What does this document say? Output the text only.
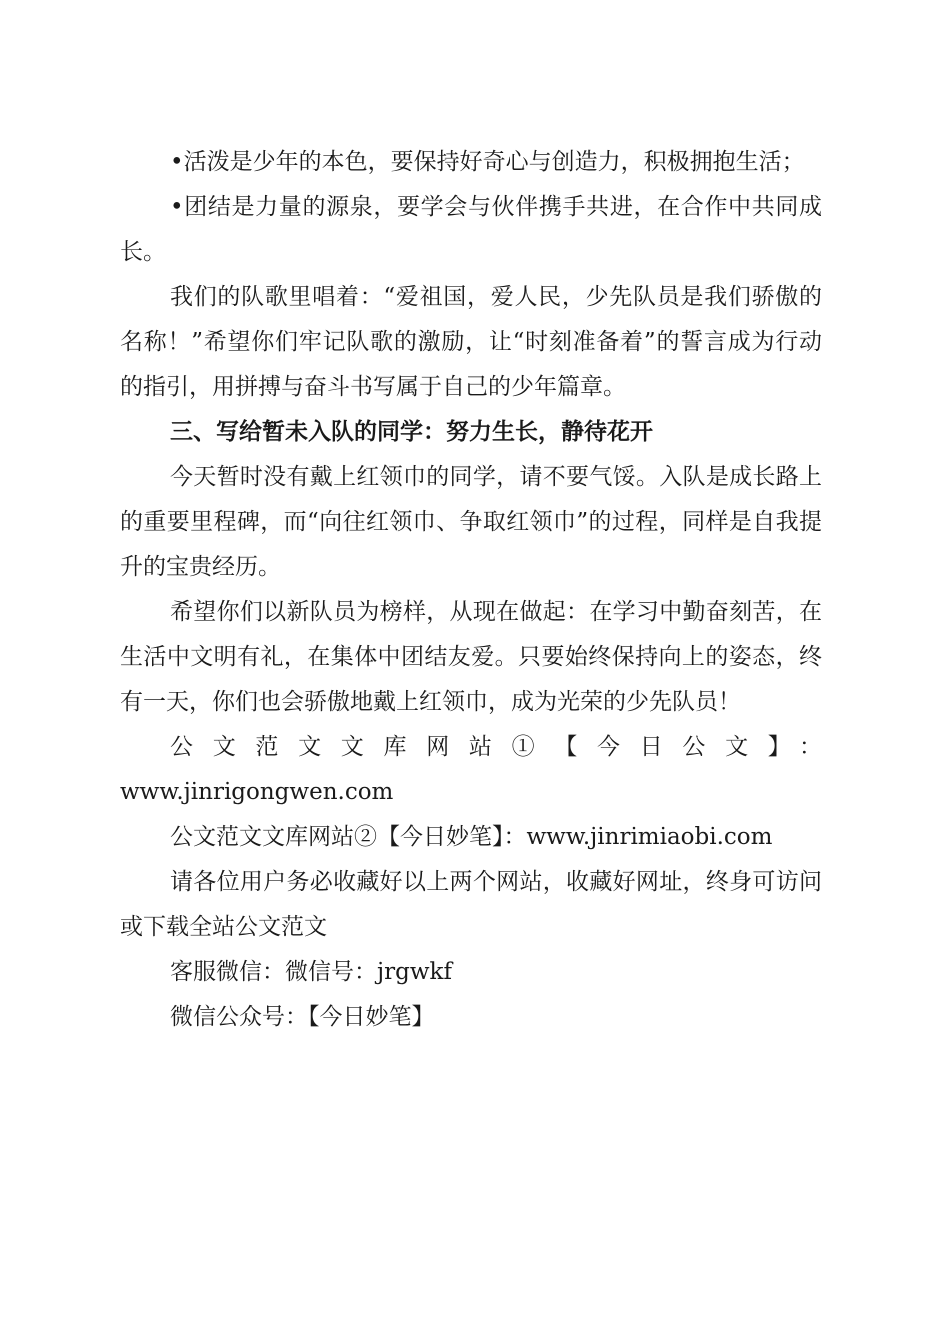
•活泼是少年的本色，要保持好奇心与创造力，积极拥抱生活；

•团结是力量的源泉，要学会与伙伴携手共进，在合作中共同成长。

我们的队歌里唱着：“爱祖国，爱人民，少先队员是我们骄傲的名称！”希望你们牢记队歌的激励，让“时刻准备着”的誓言成为行动的指引，用拼搏与奋斗书写属于自己的少年篇章。

三、写给暂未入队的同学：努力生长，静待花开

今天暂时没有戴上红领巾的同学，请不要气馁。入队是成长路上的重要里程碑，而“向往红领巾、争取红领巾”的过程，同样是自我提升的宝贵经历。

希望你们以新队员为榜样，从现在做起：在学习中勤奋刻苦，在生活中文明有礼，在集体中团结友爱。只要始终保持向上的姿态，终有一天，你们也会骄傲地戴上红领巾，成为光荣的少先队员！

公文范文文库网站①【今日公文】：

www.jinrigongwen.com

公文范文文库网站②【今日妙笔】：www.jinrimiaobi.com

请各位用户务必收藏好以上两个网站，收藏好网址，终身可访问或下载全站公文范文

客服微信：微信号：jrgwkf

微信公众号：【今日妙笔】
